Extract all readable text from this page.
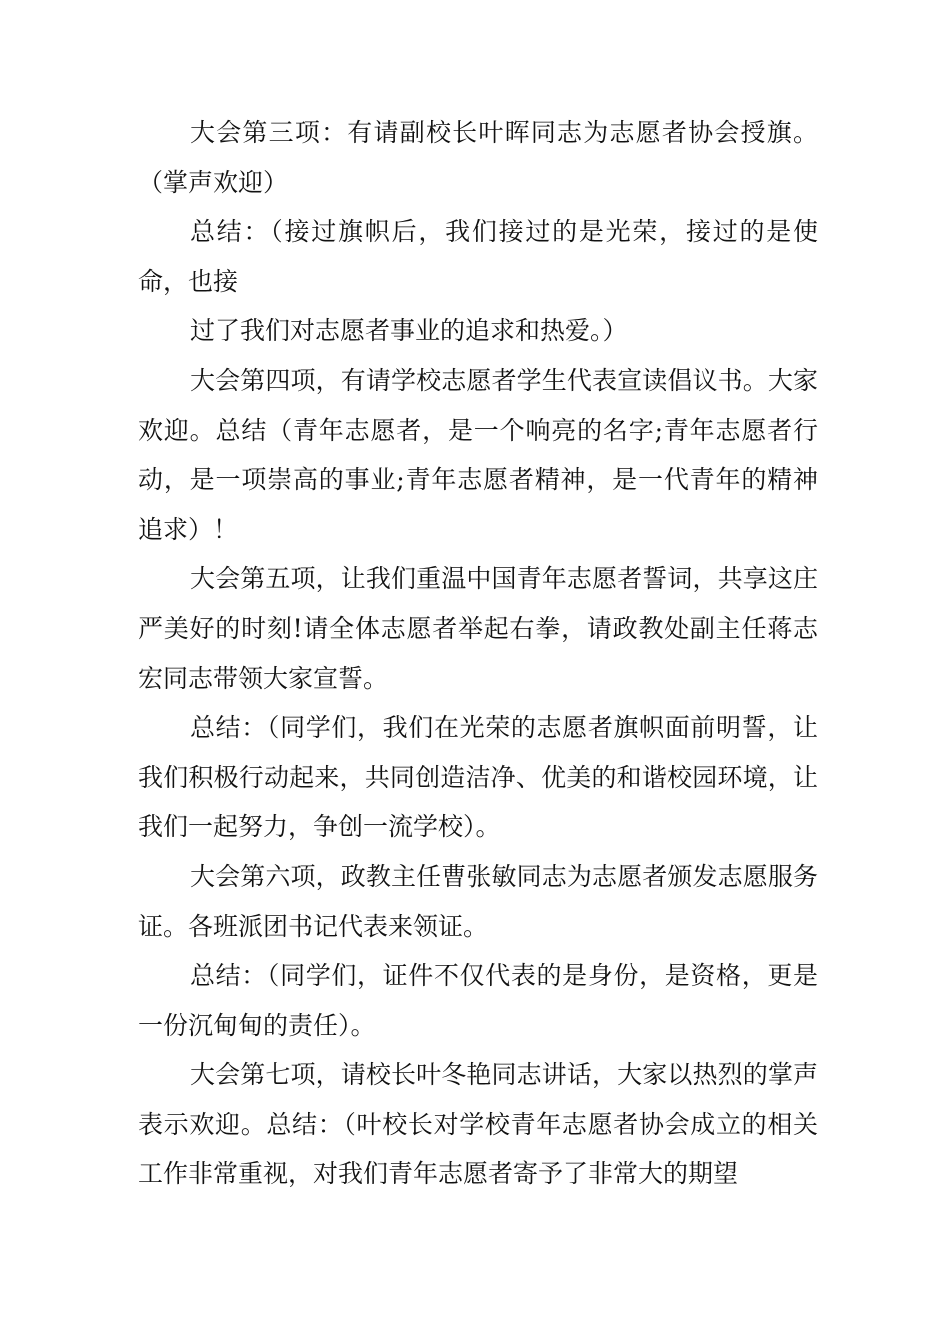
大会第三项：有请副校长叶晖同志为志愿者协会授旗。（掌声欢迎）

总结：（接过旗帜后，我们接过的是光荣，接过的是使命，也接

过了我们对志愿者事业的追求和热爱。）

大会第四项，有请学校志愿者学生代表宣读倡议书。大家欢迎。总结（青年志愿者，是一个响亮的名字;青年志愿者行动，是一项崇高的事业;青年志愿者精神，是一代青年的精神追求）！

大会第五项，让我们重温中国青年志愿者誓词，共享这庄严美好的时刻!请全体志愿者举起右拳，请政教处副主任蒋志宏同志带领大家宣誓。

总结：（同学们，我们在光荣的志愿者旗帜面前明誓，让我们积极行动起来，共同创造洁净、优美的和谐校园环境，让我们一起努力，争创一流学校）。

大会第六项，政教主任曹张敏同志为志愿者颁发志愿服务证。各班派团书记代表来领证。

总结：（同学们，证件不仅代表的是身份，是资格，更是一份沉甸甸的责任）。

大会第七项，请校长叶冬艳同志讲话，大家以热烈的掌声表示欢迎。总结：（叶校长对学校青年志愿者协会成立的相关工作非常重视，对我们青年志愿者寄予了非常大的期望
